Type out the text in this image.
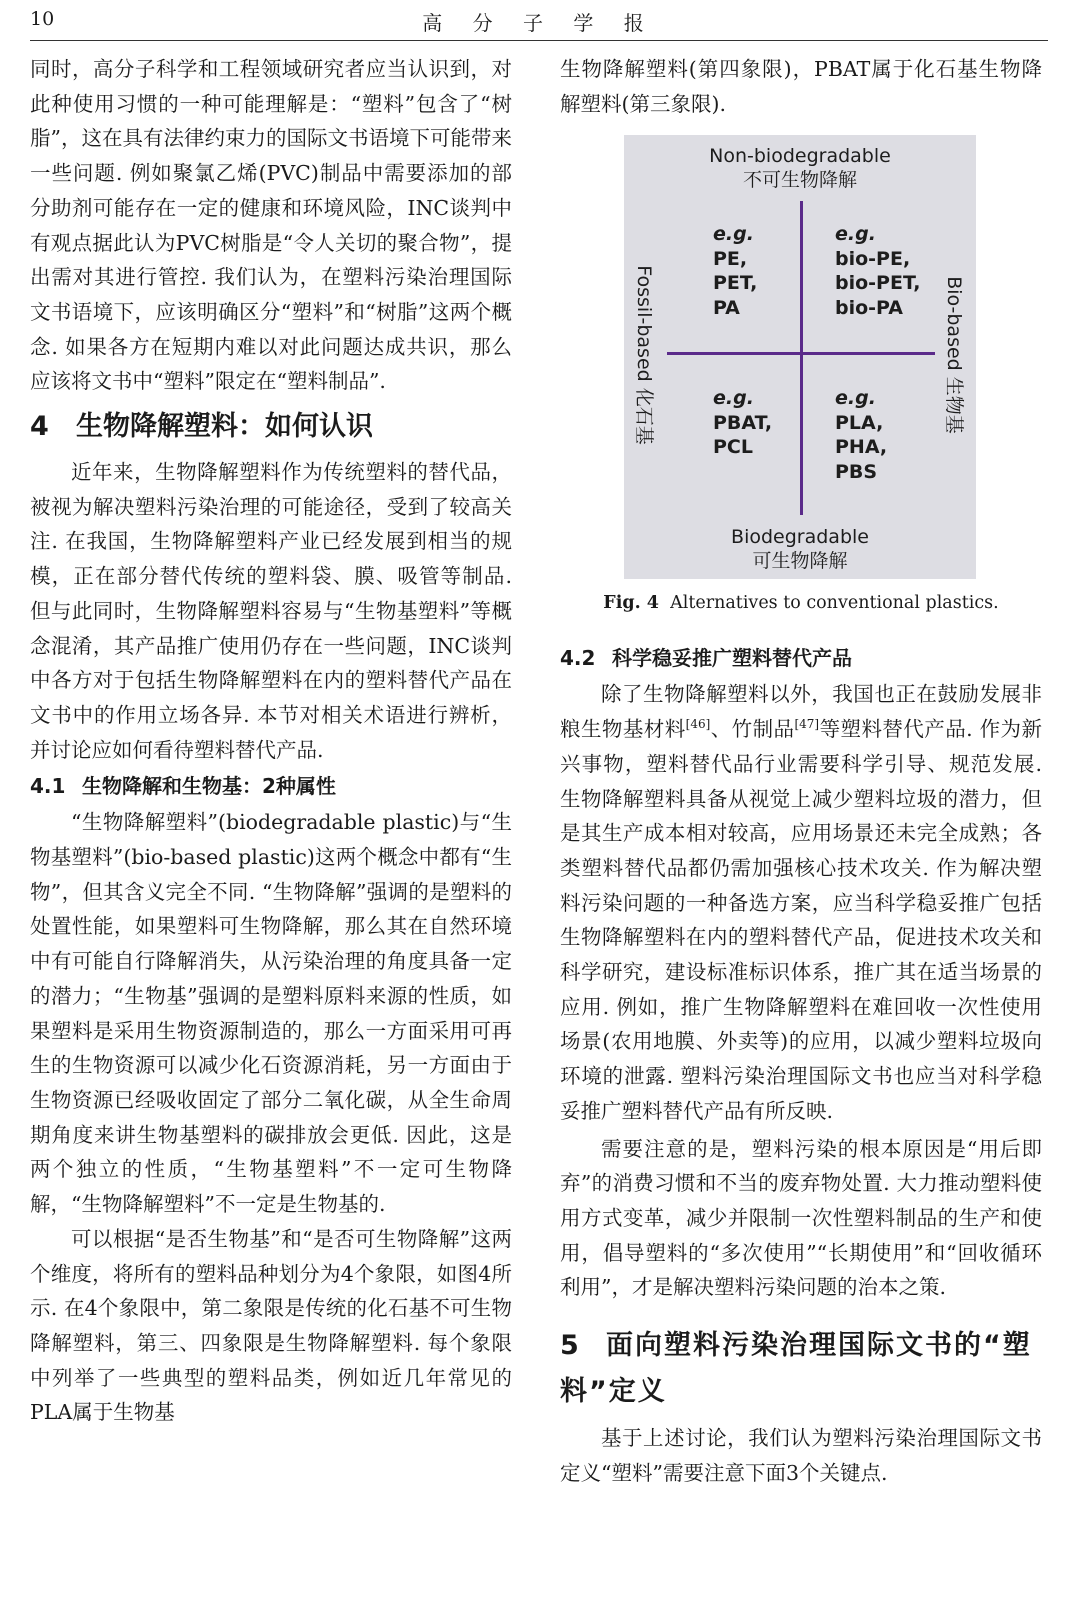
10	高 分 子 学 报

同时，高分子科学和工程领域研究者应当认识到，对此种使用习惯的一种可能理解是：“塑料”包含了“树脂”，这在具有法律约束力的国际文书语境下可能带来一些问题. 例如聚氯乙烯(PVC)制品中需要添加的部分助剂可能存在一定的健康和环境风险，INC谈判中有观点据此认为PVC树脂是“令人关切的聚合物”，提出需对其进行管控. 我们认为，在塑料污染治理国际文书语境下，应该明确区分“塑料”和“树脂”这两个概念. 如果各方在短期内难以对此问题达成共识，那么应该将文书中“塑料”限定在“塑料制品”.

4 生物降解塑料：如何认识

近年来，生物降解塑料作为传统塑料的替代品，被视为解决塑料污染治理的可能途径，受到了较高关注. 在我国，生物降解塑料产业已经发展到相当的规模，正在部分替代传统的塑料袋、膜、吸管等制品. 但与此同时，生物降解塑料容易与“生物基塑料”等概念混淆，其产品推广使用仍存在一些问题，INC谈判中各方对于包括生物降解塑料在内的塑料替代产品在文书中的作用立场各异. 本节对相关术语进行辨析，并讨论应如何看待塑料替代产品.

4.1 生物降解和生物基：2种属性

“生物降解塑料”(biodegradable plastic)与“生物基塑料”(bio-based plastic)这两个概念中都有“生物”，但其含义完全不同. “生物降解”强调的是塑料的处置性能，如果塑料可生物降解，那么其在自然环境中有可能自行降解消失，从污染治理的角度具备一定的潜力；“生物基”强调的是塑料原料来源的性质，如果塑料是采用生物资源制造的，那么一方面采用可再生的生物资源可以减少化石资源消耗，另一方面由于生物资源已经吸收固定了部分二氧化碳，从全生命周期角度来讲生物基塑料的碳排放会更低. 因此，这是两个独立的性质，“生物基塑料”不一定可生物降解，“生物降解塑料”不一定是生物基的.

可以根据“是否生物基”和“是否可生物降解”这两个维度，将所有的塑料品种划分为4个象限，如图4所示. 在4个象限中，第二象限是传统的化石基不可生物降解塑料，第三、四象限是生物降解塑料. 每个象限中列举了一些典型的塑料品类，例如近几年常见的PLA属于生物基

生物降解塑料(第四象限)，PBAT属于化石基生物降解塑料(第三象限).

Non-biodegradable
不可生物降解
Biodegradable
可生物降解
Fossil-based 化石基	Bio-based 生物基
e.g.
PE,
PET,
PA
e.g.
bio-PE,
bio-PET,
bio-PA
e.g.
PBAT,
PCL
e.g.
PLA,
PHA,
PBS
Fig. 4 Alternatives to conventional plastics.
4.2 科学稳妥推广塑料替代产品

除了生物降解塑料以外，我国也正在鼓励发展非粮生物基材料[46]、竹制品[47]等塑料替代产品. 作为新兴事物，塑料替代品行业需要科学引导、规范发展. 生物降解塑料具备从视觉上减少塑料垃圾的潜力，但是其生产成本相对较高，应用场景还未完全成熟；各类塑料替代品都仍需加强核心技术攻关. 作为解决塑料污染问题的一种备选方案，应当科学稳妥推广包括生物降解塑料在内的塑料替代产品，促进技术攻关和科学研究，建设标准标识体系，推广其在适当场景的应用. 例如，推广生物降解塑料在难回收一次性使用场景(农用地膜、外卖等)的应用，以减少塑料垃圾向环境的泄露. 塑料污染治理国际文书也应当对科学稳妥推广塑料替代产品有所反映.

需要注意的是，塑料污染的根本原因是“用后即弃”的消费习惯和不当的废弃物处置. 大力推动塑料使用方式变革，减少并限制一次性塑料制品的生产和使用，倡导塑料的“多次使用”“长期使用”和“回收循环利用”，才是解决塑料污染问题的治本之策.

5 面向塑料污染治理国际文书的“塑料”定义

基于上述讨论，我们认为塑料污染治理国际文书定义“塑料”需要注意下面3个关键点.
